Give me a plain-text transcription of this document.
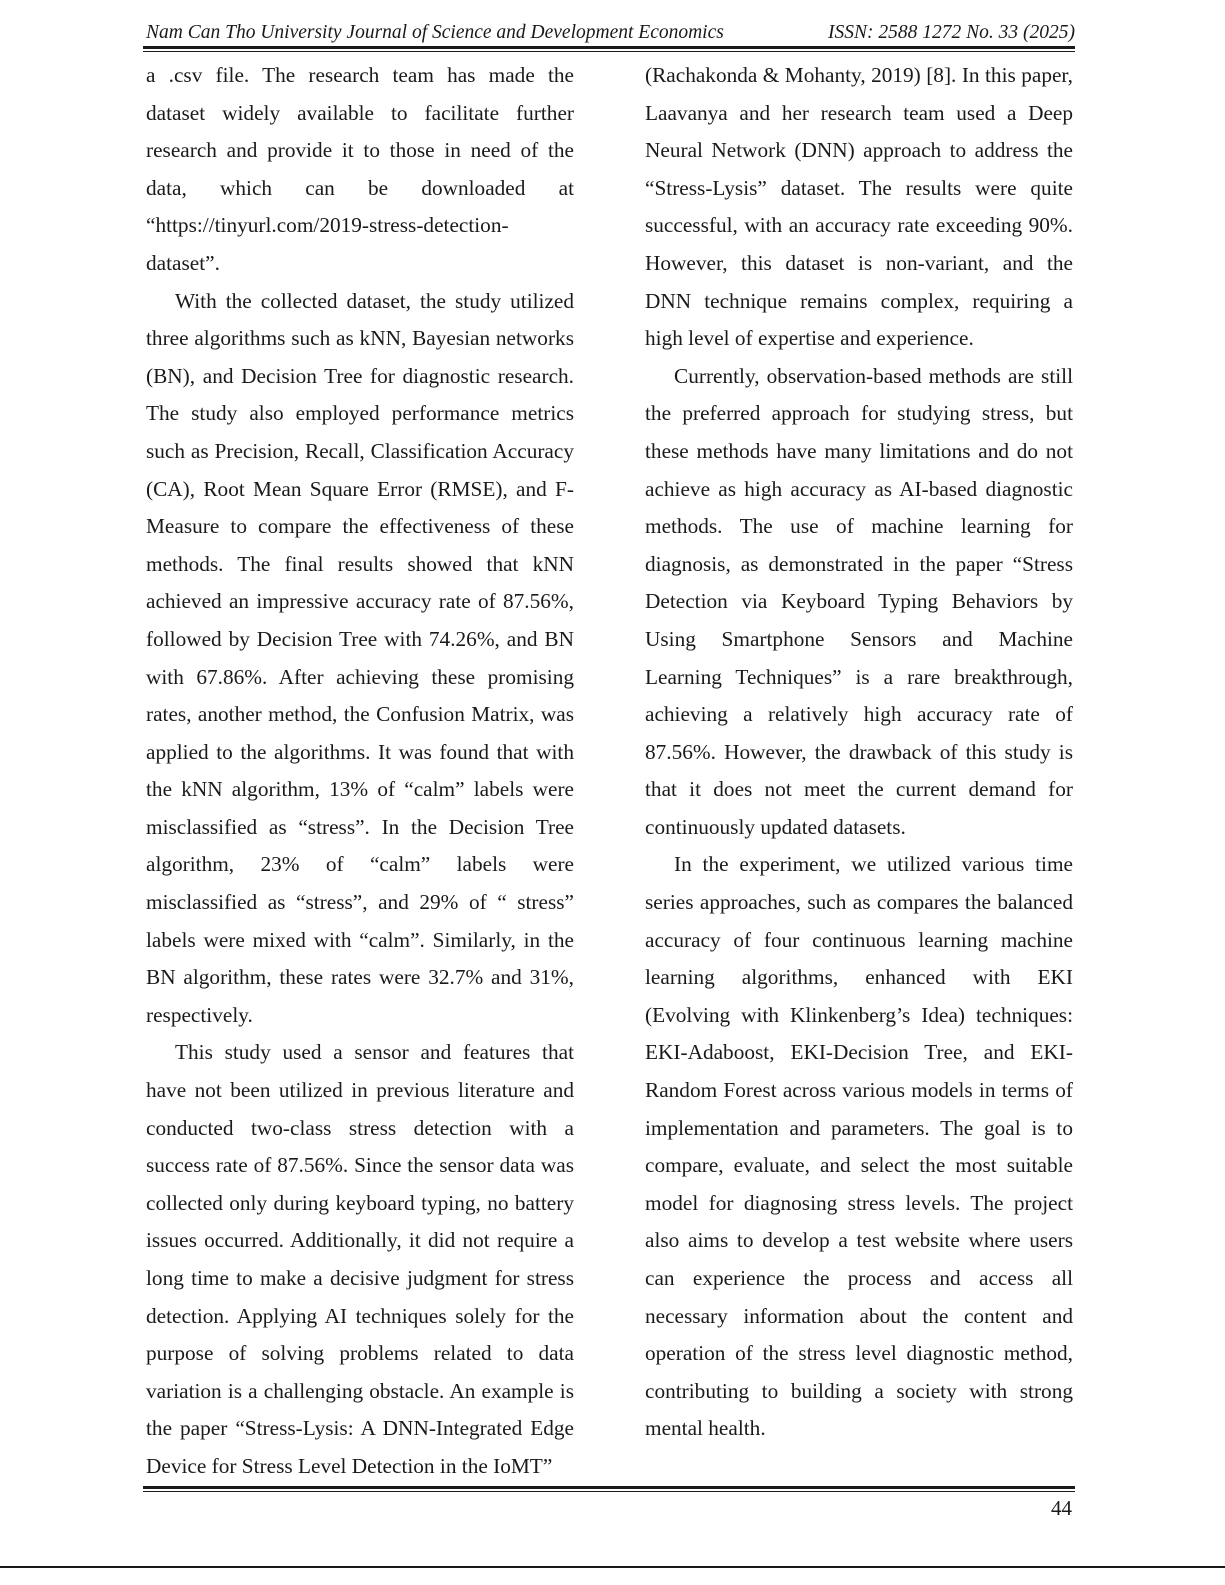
Nam Can Tho University Journal of Science and Development Economics	ISSN: 2588 1272 No. 33 (2025)

a .csv file. The research team has made the dataset widely available to facilitate further research and provide it to those in need of the data, which can be downloaded at “https://tinyurl.com/2019-stress-detection-dataset”.

With the collected dataset, the study utilized three algorithms such as kNN, Bayesian networks (BN), and Decision Tree for diagnostic research. The study also employed performance metrics such as Precision, Recall, Classification Accuracy (CA), Root Mean Square Error (RMSE), and F-Measure to compare the effectiveness of these methods. The final results showed that kNN achieved an impressive accuracy rate of 87.56%, followed by Decision Tree with 74.26%, and BN with 67.86%. After achieving these promising rates, another method, the Confusion Matrix, was applied to the algorithms. It was found that with the kNN algorithm, 13% of “calm” labels were misclassified as “stress”. In the Decision Tree algorithm, 23% of “calm” labels were misclassified as “stress”, and 29% of “ stress” labels were mixed with “calm”. Similarly, in the BN algorithm, these rates were 32.7% and 31%, respectively.

This study used a sensor and features that have not been utilized in previous literature and conducted two-class stress detection with a success rate of 87.56%. Since the sensor data was collected only during keyboard typing, no battery issues occurred. Additionally, it did not require a long time to make a decisive judgment for stress detection. Applying AI techniques solely for the purpose of solving problems related to data variation is a challenging obstacle. An example is the paper “Stress-Lysis: A DNN-Integrated Edge Device for Stress Level Detection in the IoMT”

(Rachakonda & Mohanty, 2019) [8]. In this paper, Laavanya and her research team used a Deep Neural Network (DNN) approach to address the “Stress-Lysis” dataset. The results were quite successful, with an accuracy rate exceeding 90%. However, this dataset is non-variant, and the DNN technique remains complex, requiring a high level of expertise and experience.

Currently, observation-based methods are still the preferred approach for studying stress, but these methods have many limitations and do not achieve as high accuracy as AI-based diagnostic methods. The use of machine learning for diagnosis, as demonstrated in the paper “Stress Detection via Keyboard Typing Behaviors by Using Smartphone Sensors and Machine Learning Techniques” is a rare breakthrough, achieving a relatively high accuracy rate of 87.56%. However, the drawback of this study is that it does not meet the current demand for continuously updated datasets.

In the experiment, we utilized various time series approaches, such as compares the balanced accuracy of four continuous learning machine learning algorithms, enhanced with EKI (Evolving with Klinkenberg’s Idea) techniques: EKI-Adaboost, EKI-Decision Tree, and EKI-Random Forest across various models in terms of implementation and parameters. The goal is to compare, evaluate, and select the most suitable model for diagnosing stress levels. The project also aims to develop a test website where users can experience the process and access all necessary information about the content and operation of the stress level diagnostic method, contributing to building a society with strong mental health.

44
